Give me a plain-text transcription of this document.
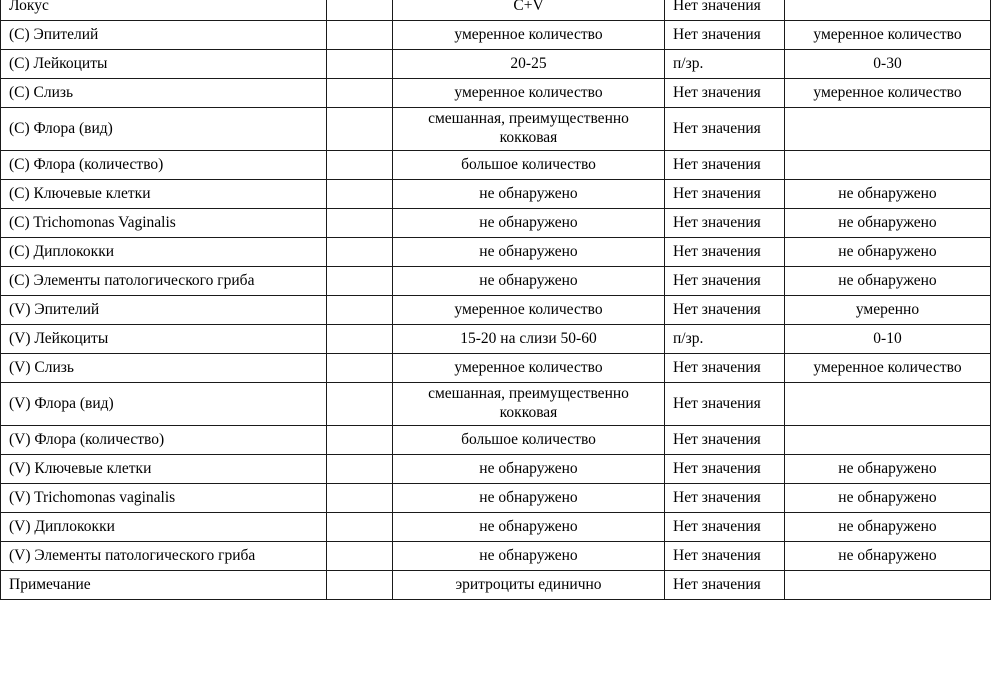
Локус		C+V	Нет значения	
(C) Эпителий		умеренное количество	Нет значения	умеренное количество
(C) Лейкоциты		20-25	п/зр.	0-30
(C) Слизь		умеренное количество	Нет значения	умеренное количество
(C) Флора (вид)		смешанная, преимущественно кокковая	Нет значения	
(C) Флора (количество)		большое количество	Нет значения	
(C) Ключевые клетки		не обнаружено	Нет значения	не обнаружено
(C) Trichomonas Vaginalis		не обнаружено	Нет значения	не обнаружено
(C) Диплококки		не обнаружено	Нет значения	не обнаружено
(C) Элементы патологического гриба		не обнаружено	Нет значения	не обнаружено
(V) Эпителий		умеренное количество	Нет значения	умеренно
(V) Лейкоциты		15-20 на слизи 50-60	п/зр.	0-10
(V) Слизь		умеренное количество	Нет значения	умеренное количество
(V) Флора (вид)		смешанная, преимущественно кокковая	Нет значения	
(V) Флора (количество)		большое количество	Нет значения	
(V) Ключевые клетки		не обнаружено	Нет значения	не обнаружено
(V) Trichomonas vaginalis		не обнаружено	Нет значения	не обнаружено
(V) Диплококки		не обнаружено	Нет значения	не обнаружено
(V) Элементы патологического гриба		не обнаружено	Нет значения	не обнаружено
Примечание		эритроциты единично	Нет значения	
